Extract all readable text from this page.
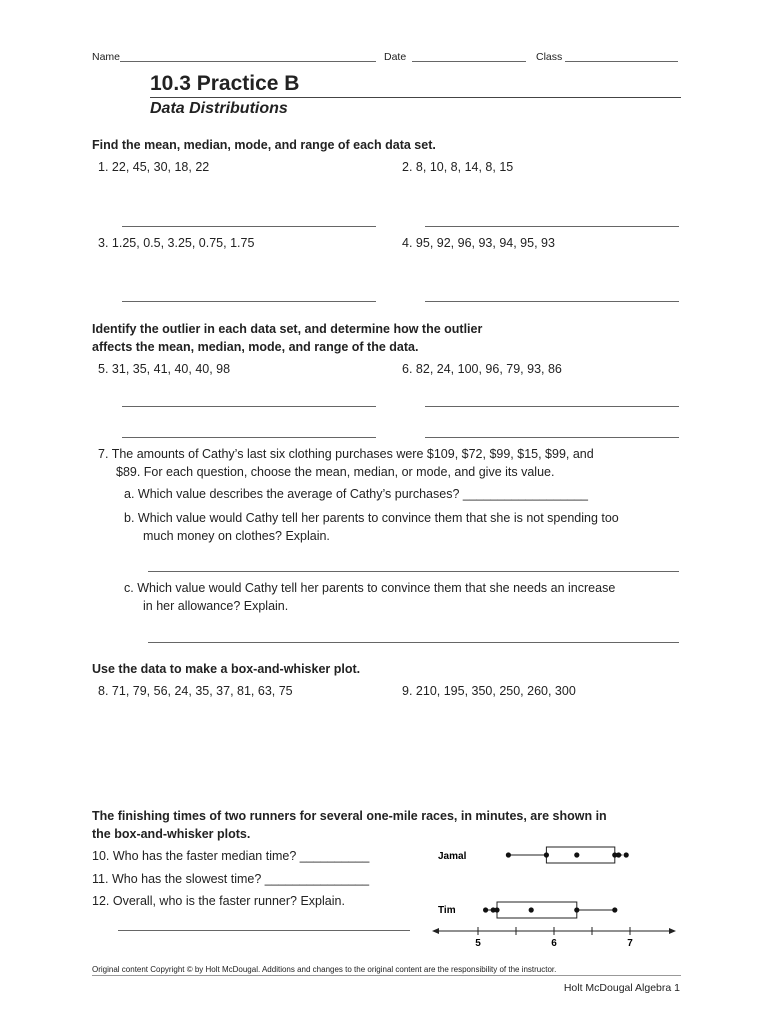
Name	Date	Class
10.3 Practice B
Data Distributions
Find the mean, median, mode, and range of each data set.
1. 22, 45, 30, 18, 22	2. 8, 10, 8, 14, 8, 15
3. 1.25, 0.5, 3.25, 0.75, 1.75	4. 95, 92, 96, 93, 94, 95, 93
Identify the outlier in each data set, and determine how the outlier
affects the mean, median, mode, and range of the data.
5. 31, 35, 41, 40, 40, 98	6. 82, 24, 100, 96, 79, 93, 86
7. The amounts of Cathy’s last six clothing purchases were $109, $72, $99, $15, $99, and
$89. For each question, choose the mean, median, or mode, and give its value.
a. Which value describes the average of Cathy’s purchases? __________________
b. Which value would Cathy tell her parents to convince them that she is not spending too
much money on clothes? Explain.
c. Which value would Cathy tell her parents to convince them that she needs an increase
in her allowance? Explain.
Use the data to make a box-and-whisker plot.
8. 71, 79, 56, 24, 35, 37, 81, 63, 75	9. 210, 195, 350, 250, 260, 300
The finishing times of two runners for several one-mile races, in minutes, are shown in
the box-and-whisker plots.
10. Who has the faster median time? __________
11. Who has the slowest time? _______________
12. Overall, who is the faster runner? Explain.
Jamal
Tim
5	6	7
Original content Copyright © by Holt McDougal. Additions and changes to the original content are the responsibility of the instructor.
Holt McDougal Algebra 1
